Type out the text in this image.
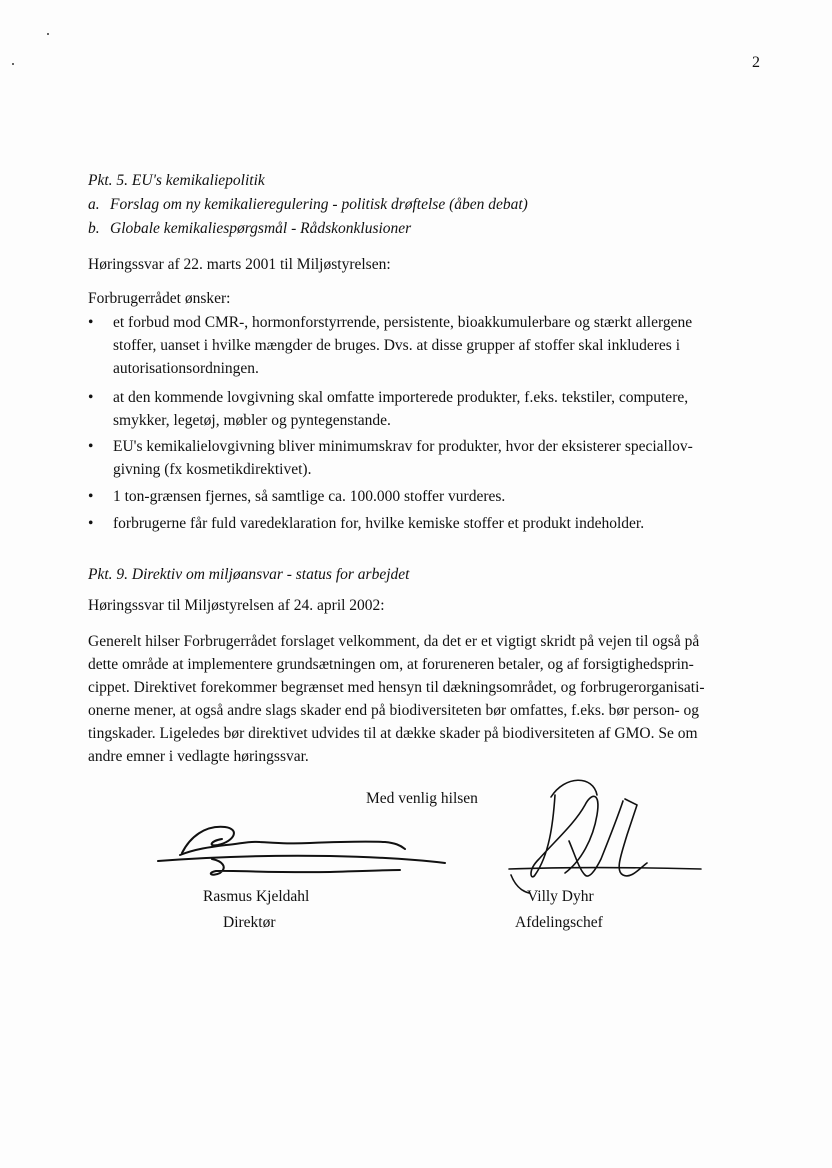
2
Pkt. 5. EU's kemikaliepolitik
a. Forslag om ny kemikalieregulering - politisk drøftelse (åben debat)
b. Globale kemikaliespørgsmål - Rådskonklusioner
Høringssvar af 22. marts 2001 til Miljøstyrelsen:
Forbrugerrådet ønsker:
• et forbud mod CMR-, hormonforstyrrende, persistente, bioakkumulerbare og stærkt allergene
stoffer, uanset i hvilke mængder de bruges. Dvs. at disse grupper af stoffer skal inkluderes i
autorisationsordningen.
• at den kommende lovgivning skal omfatte importerede produkter, f.eks. tekstiler, computere,
smykker, legetøj, møbler og pyntegenstande.
• EU's kemikalielovgivning bliver minimumskrav for produkter, hvor der eksisterer speciallov-
givning (fx kosmetikdirektivet).
• 1 ton-grænsen fjernes, så samtlige ca. 100.000 stoffer vurderes.
• forbrugerne får fuld varedeklaration for, hvilke kemiske stoffer et produkt indeholder.
Pkt. 9. Direktiv om miljøansvar - status for arbejdet
Høringssvar til Miljøstyrelsen af 24. april 2002:
Generelt hilser Forbrugerrådet forslaget velkomment, da det er et vigtigt skridt på vejen til også på
dette område at implementere grundsætningen om, at forureneren betaler, og af forsigtighedsprin-
cippet. Direktivet forekommer begrænset med hensyn til dækningsområdet, og forbrugerorganisati-
onerne mener, at også andre slags skader end på biodiversiteten bør omfattes, f.eks. bør person- og
tingskader. Ligeledes bør direktivet udvides til at dække skader på biodiversiteten af GMO. Se om
andre emner i vedlagte høringssvar.
Med venlig hilsen
Rasmus Kjeldahl
Direktør
Villy Dyhr
Afdelingschef
